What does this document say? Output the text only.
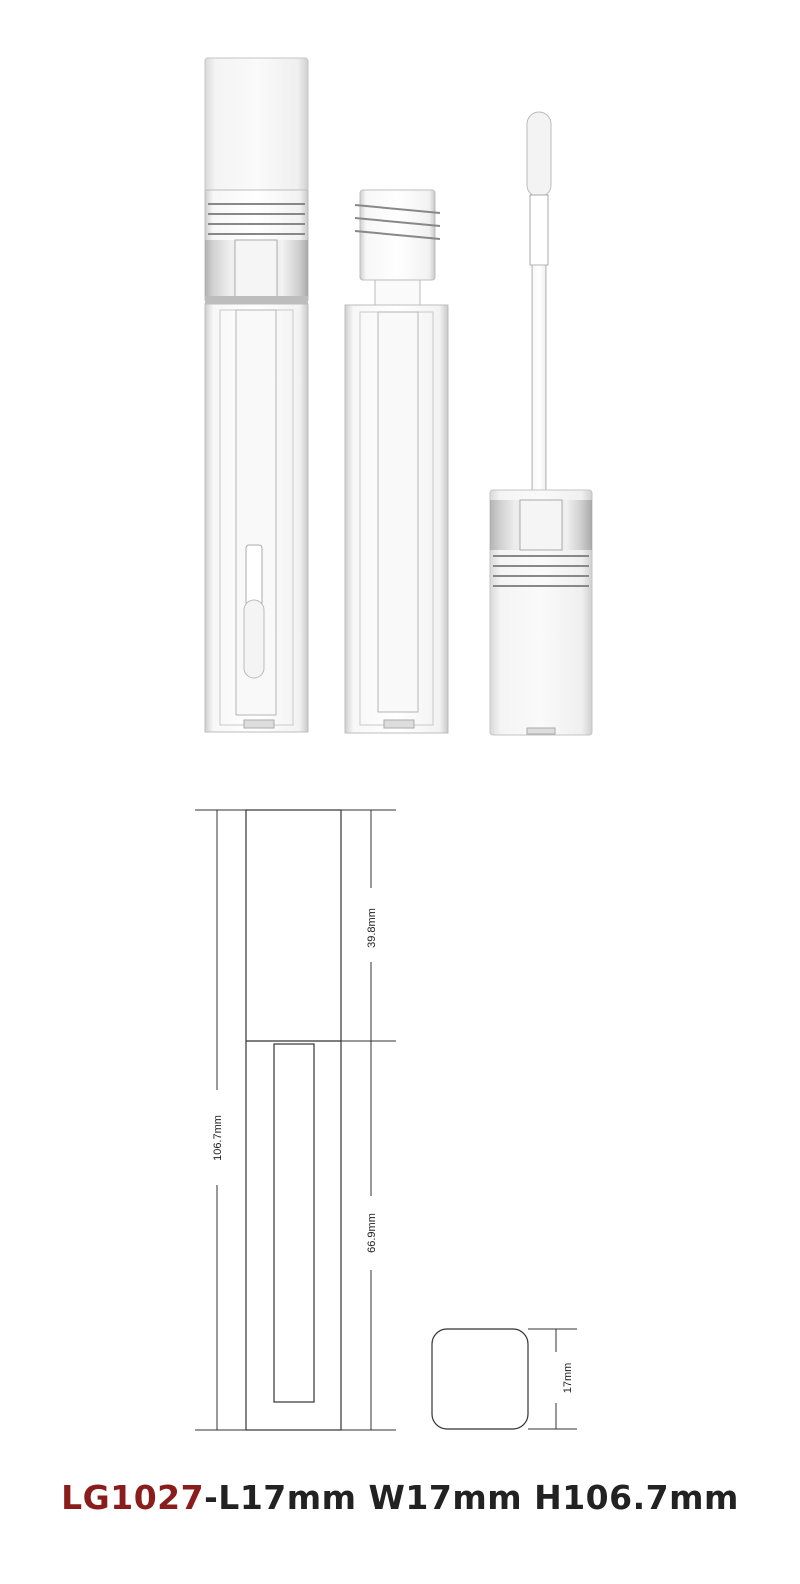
39.8mm
106.7mm
66.9mm
17mm
LG1027-L17mm W17mm H106.7mm
